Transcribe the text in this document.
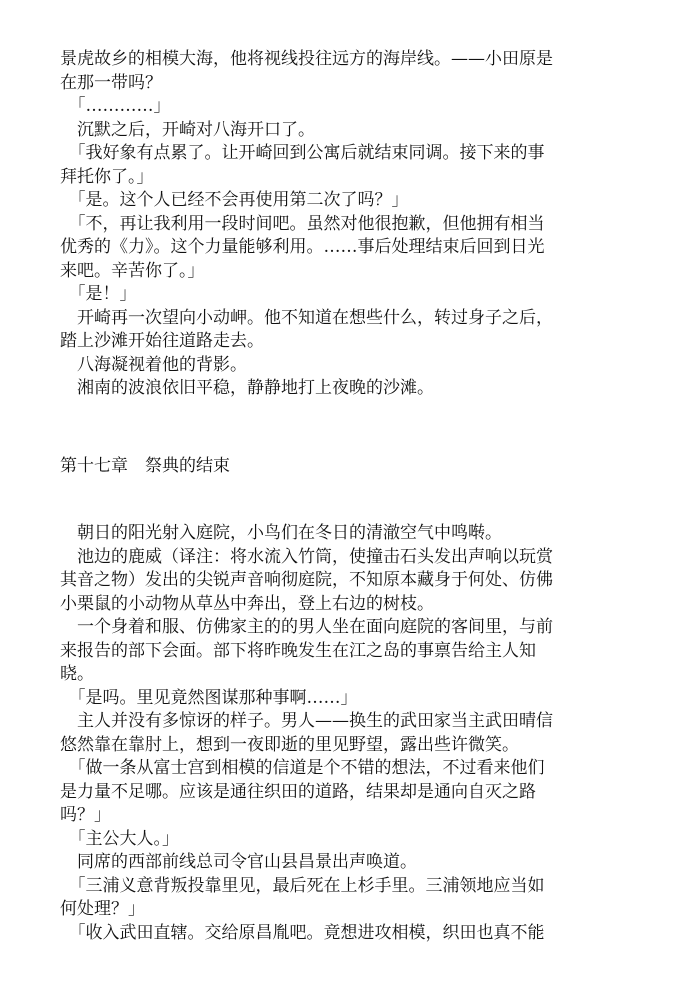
景虎故乡的相模大海，他将视线投往远方的海岸线。——小田原是
在那一带吗？

　「…………」

　沉默之后，开崎对八海开口了。

　「我好象有点累了。让开崎回到公寓后就结束同调。接下来的事
拜托你了。」

　「是。这个人已经不会再使用第二次了吗？」

　「不，再让我利用一段时间吧。虽然对他很抱歉，但他拥有相当
优秀的《力》。这个力量能够利用。……事后处理结束后回到日光
来吧。辛苦你了。」

　「是！」

　开崎再一次望向小动岬。他不知道在想些什么，转过身子之后，
踏上沙滩开始往道路走去。

　八海凝视着他的背影。

　湘南的波浪依旧平稳，静静地打上夜晚的沙滩。

第十七章　祭典的结束

　朝日的阳光射入庭院，小鸟们在冬日的清澈空气中鸣啭。

　池边的鹿威（译注：将水流入竹筒，使撞击石头发出声响以玩赏
其音之物）发出的尖锐声音响彻庭院，不知原本藏身于何处、仿佛
小栗鼠的小动物从草丛中奔出，登上右边的树枝。

　一个身着和服、仿佛家主的的男人坐在面向庭院的客间里，与前
来报告的部下会面。部下将昨晚发生在江之岛的事禀告给主人知
晓。

　「是吗。里见竟然图谋那种事啊……」

　主人并没有多惊讶的样子。男人——换生的武田家当主武田晴信
悠然靠在靠肘上，想到一夜即逝的里见野望，露出些许微笑。

　「做一条从富士宫到相模的信道是个不错的想法，不过看来他们
是力量不足哪。应该是通往织田的道路，结果却是通向自灭之路
吗？」

　「主公大人。」

　同席的西部前线总司令官山县昌景出声唤道。

　「三浦义意背叛投靠里见，最后死在上杉手里。三浦领地应当如
何处理？」

　「收入武田直辖。交给原昌胤吧。竟想进攻相模，织田也真不能
